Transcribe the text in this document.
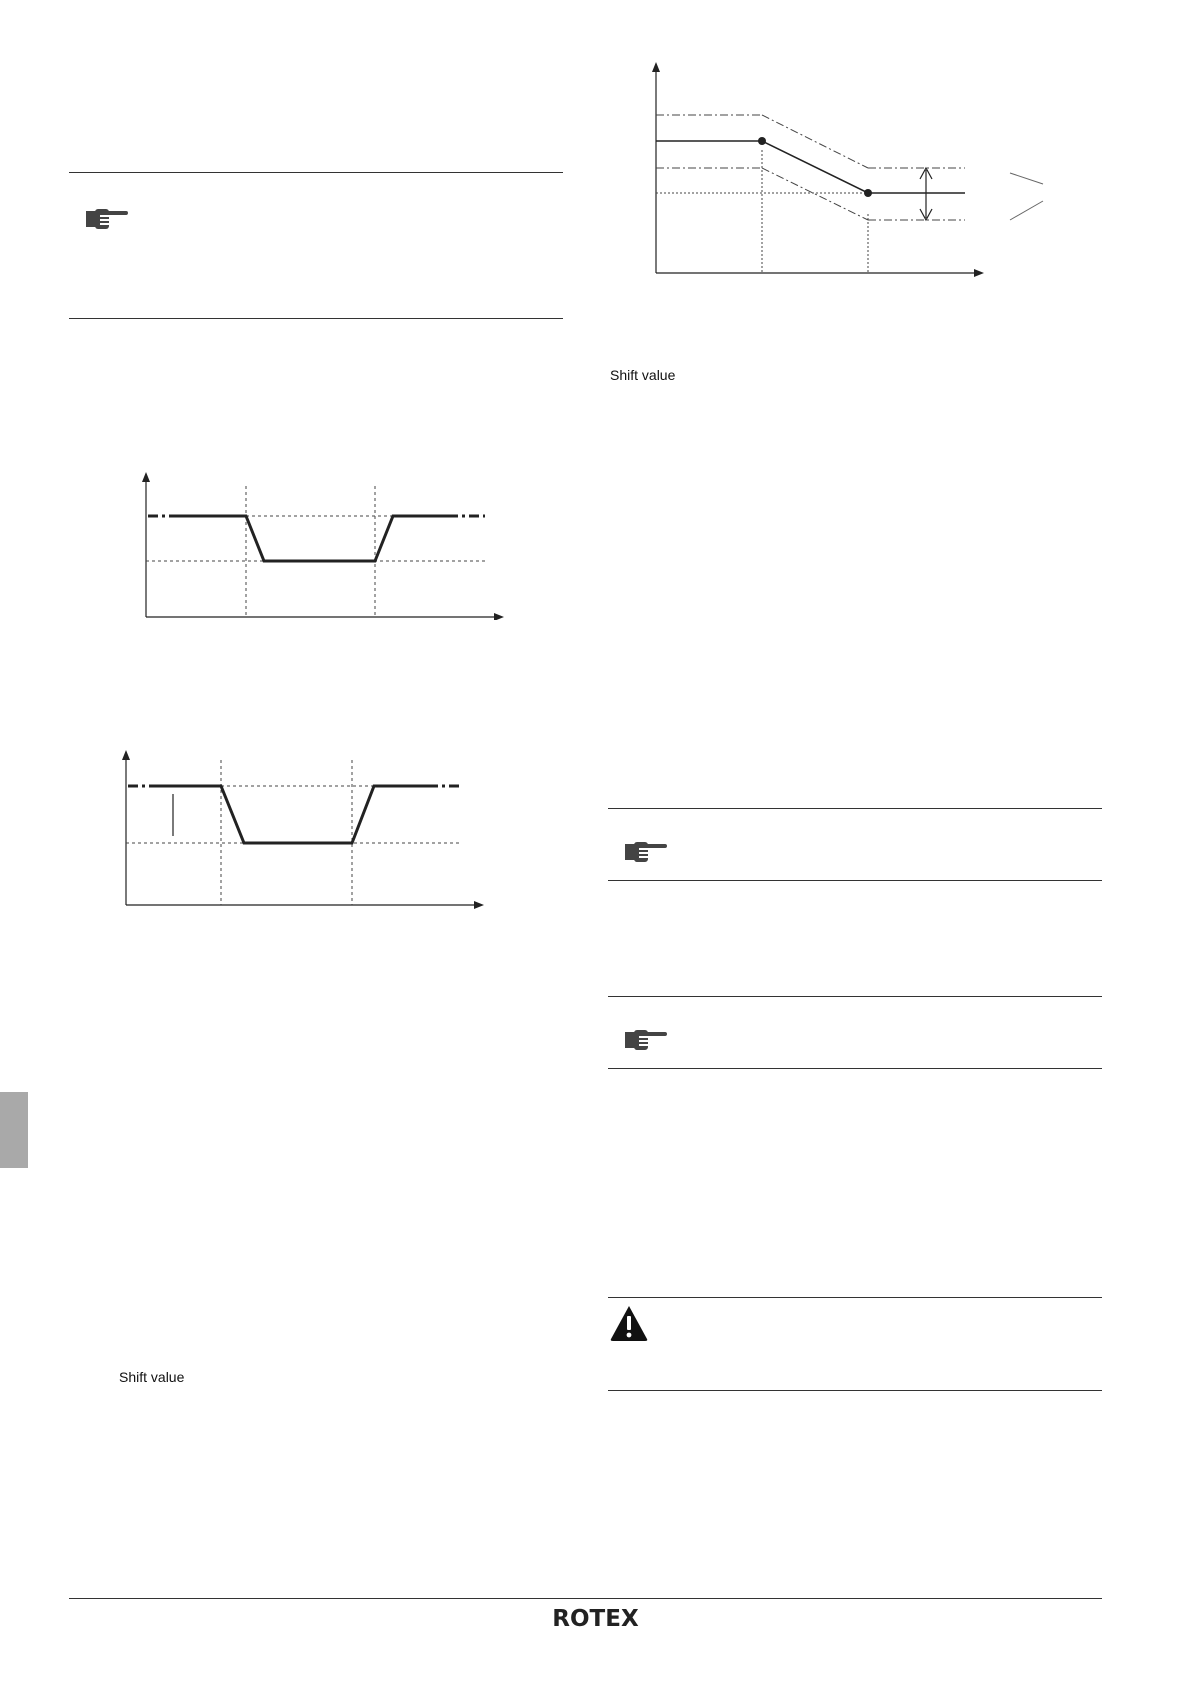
Shift value
Shift value
ROTEX
